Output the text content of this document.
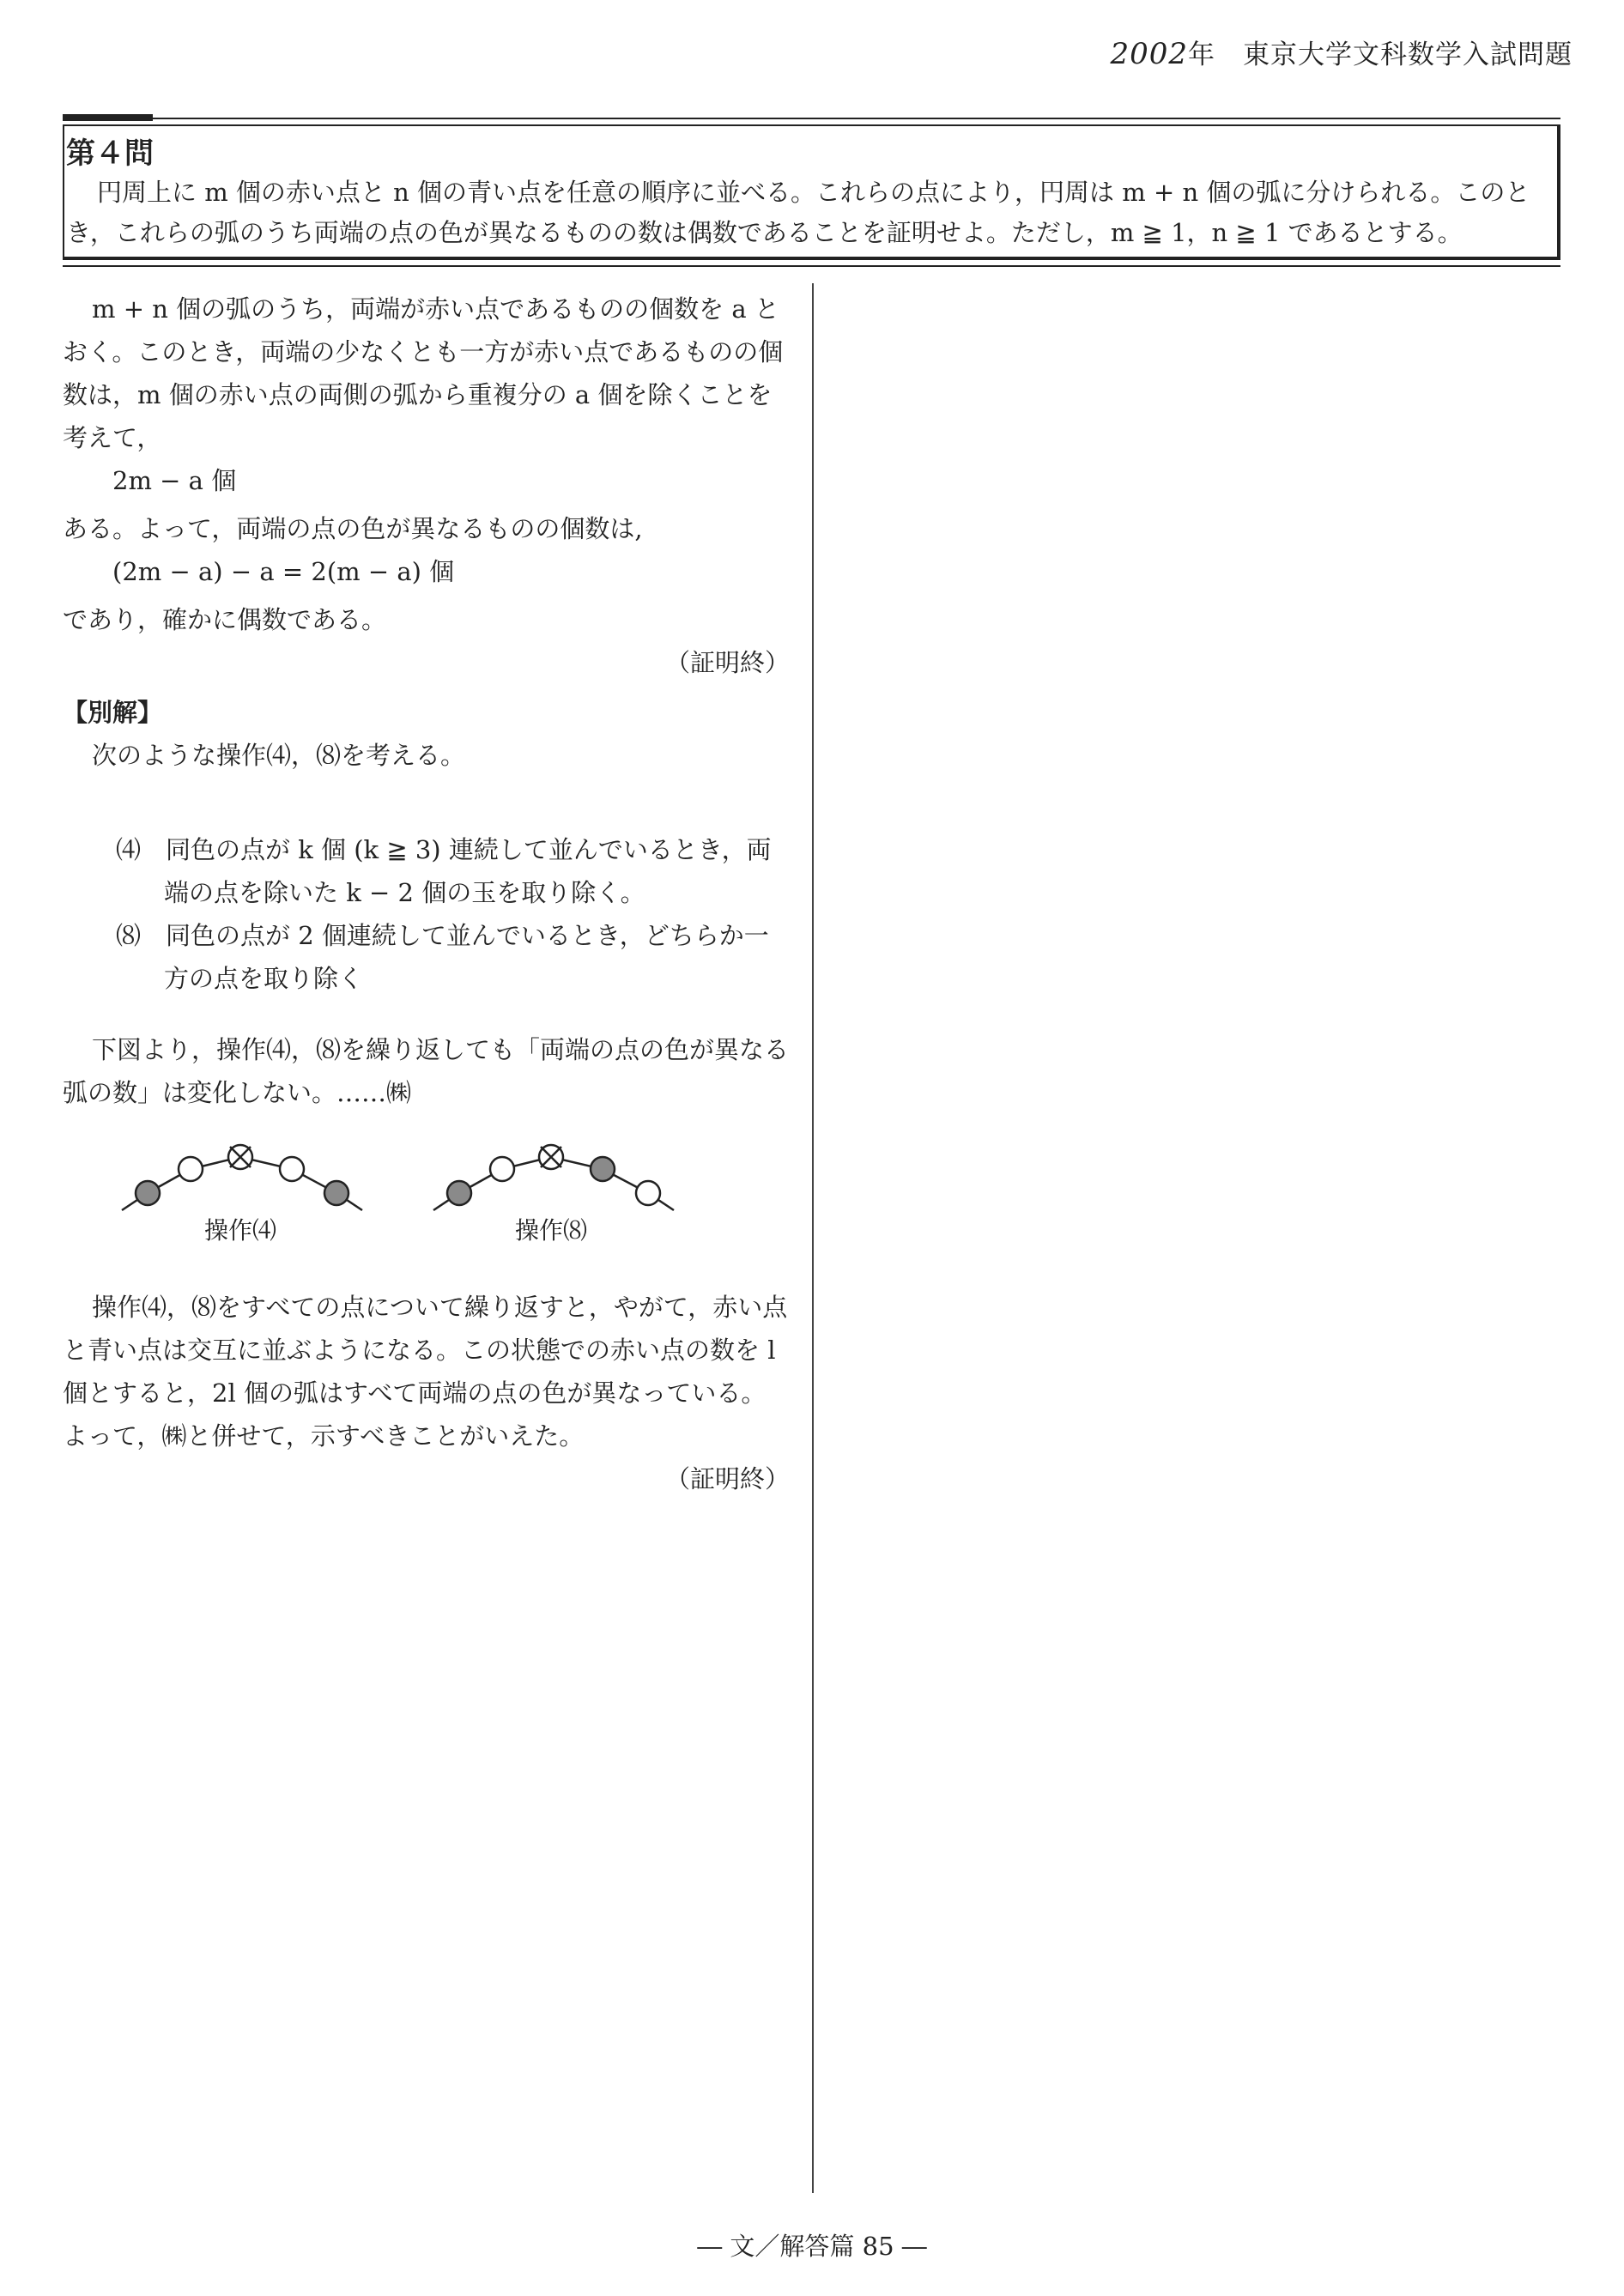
2002年　東京大学文科数学入試問題
第４問
円周上に m 個の赤い点と n 個の青い点を任意の順序に並べる。これらの点により，円周は m + n 個の弧に分けられる。このとき，これらの弧のうち両端の点の色が異なるものの数は偶数であることを証明せよ。ただし，m ≧ 1，n ≧ 1 であるとする。

m + n 個の弧のうち，両端が赤い点であるものの個数を a とおく。このとき，両端の少なくとも一方が赤い点であるものの個数は，m 個の赤い点の両側の弧から重複分の a 個を除くことを考えて，

2m − a 個

ある。よって，両端の点の色が異なるものの個数は,

(2m − a) − a = 2(m − a) 個

であり，確かに偶数である。

（証明終）

【別解】

次のような操作⑷，⑻を考える。

⑷　同色の点が k 個 (k ≧ 3) 連続して並んでいるとき，両端の点を除いた k − 2 個の玉を取り除く。

⑻　同色の点が 2 個連続して並んでいるとき，どちらか一方の点を取り除く

下図より，操作⑷，⑻を繰り返しても「両端の点の色が異なる弧の数」は変化しない。……㈱

操作⑷	操作⑻

操作⑷，⑻をすべての点について繰り返すと，やがて，赤い点と青い点は交互に並ぶようになる。この状態での赤い点の数を l 個とすると，2l 個の弧はすべて両端の点の色が異なっている。よって，㈱と併せて，示すべきことがいえた。

（証明終）

― 文／解答篇 85 ―
